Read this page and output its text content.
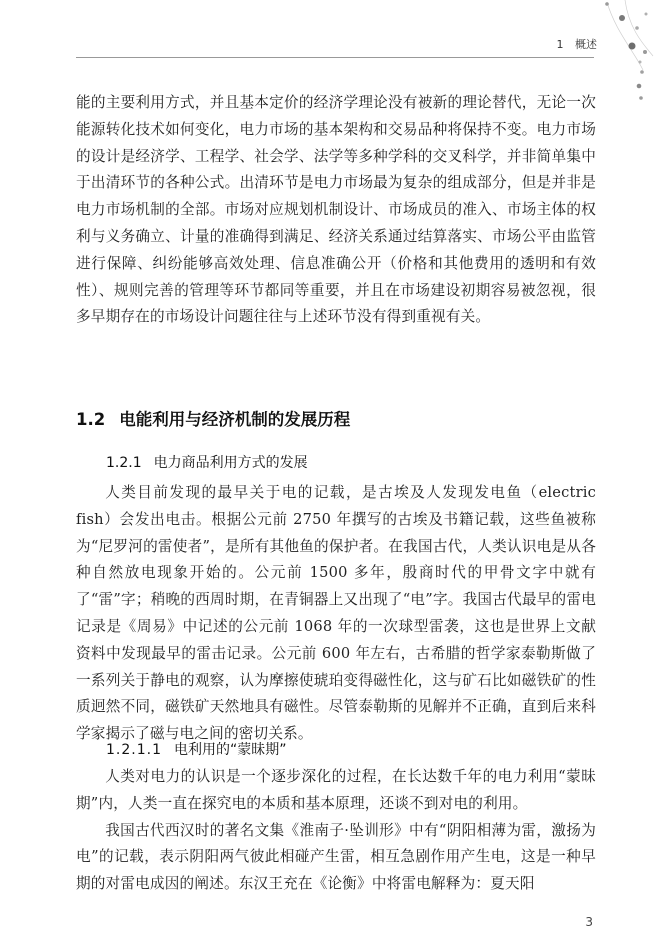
1 概述

能的主要利用方式，并且基本定价的经济学理论没有被新的理论替代，无论一次能源转化技术如何变化，电力市场的基本架构和交易品种将保持不变。电力市场的设计是经济学、工程学、社会学、法学等多种学科的交叉科学，并非简单集中于出清环节的各种公式。出清环节是电力市场最为复杂的组成部分，但是并非是电力市场机制的全部。市场对应规划机制设计、市场成员的准入、市场主体的权利与义务确立、计量的准确得到满足、经济关系通过结算落实、市场公平由监管进行保障、纠纷能够高效处理、信息准确公开（价格和其他费用的透明和有效性）、规则完善的管理等环节都同等重要，并且在市场建设初期容易被忽视，很多早期存在的市场设计问题往往与上述环节没有得到重视有关。

1.2 电能利用与经济机制的发展历程
1.2.1 电力商品利用方式的发展

人类目前发现的最早关于电的记载，是古埃及人发现发电鱼（electric fish）会发出电击。根据公元前 2750 年撰写的古埃及书籍记载，这些鱼被称为“尼罗河的雷使者”，是所有其他鱼的保护者。在我国古代，人类认识电是从各种自然放电现象开始的。公元前 1500 多年，殷商时代的甲骨文字中就有了“雷”字；稍晚的西周时期，在青铜器上又出现了“电”字。我国古代最早的雷电记录是《周易》中记述的公元前 1068 年的一次球型雷袭，这也是世界上文献资料中发现最早的雷击记录。公元前 600 年左右，古希腊的哲学家泰勒斯做了一系列关于静电的观察，认为摩擦使琥珀变得磁性化，这与矿石比如磁铁矿的性质迥然不同，磁铁矿天然地具有磁性。尽管泰勒斯的见解并不正确，直到后来科学家揭示了磁与电之间的密切关系。

1.2.1.1 电利用的“蒙昧期”

人类对电力的认识是一个逐步深化的过程，在长达数千年的电力利用“蒙昧期”内，人类一直在探究电的本质和基本原理，还谈不到对电的利用。

我国古代西汉时的著名文集《淮南子·坠训形》中有“阴阳相薄为雷，激扬为电”的记载，表示阴阳两气彼此相碰产生雷，相互急剧作用产生电，这是一种早期的对雷电成因的阐述。东汉王充在《论衡》中将雷电解释为：夏天阳

3
